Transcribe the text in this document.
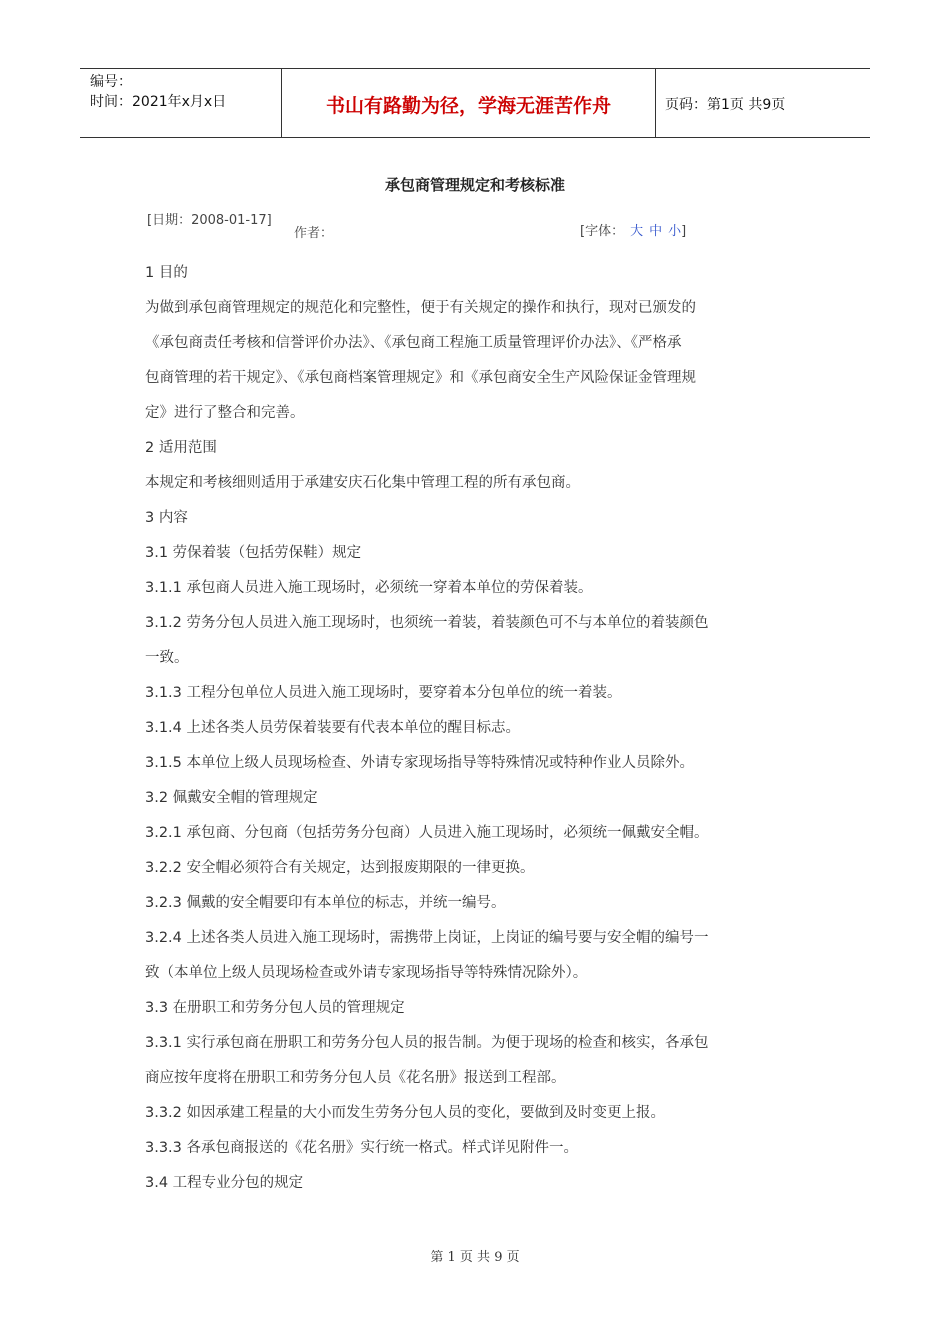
编号：
时间：2021年x月x日	书山有路勤为径，学海无涯苦作舟	页码：第1页 共9页
承包商管理规定和考核标准
[日期：2008-01-17]
作者：	[字体： 大 中 小]

1 目的

为做到承包商管理规定的规范化和完整性，便于有关规定的操作和执行，现对已颁发的

《承包商责任考核和信誉评价办法》、《承包商工程施工质量管理评价办法》、《严格承

包商管理的若干规定》、《承包商档案管理规定》和《承包商安全生产风险保证金管理规

定》进行了整合和完善。

2 适用范围

本规定和考核细则适用于承建安庆石化集中管理工程的所有承包商。

3 内容

3.1 劳保着装（包括劳保鞋）规定

3.1.1 承包商人员进入施工现场时，必须统一穿着本单位的劳保着装。

3.1.2 劳务分包人员进入施工现场时，也须统一着装，着装颜色可不与本单位的着装颜色

一致。

3.1.3 工程分包单位人员进入施工现场时，要穿着本分包单位的统一着装。

3.1.4 上述各类人员劳保着装要有代表本单位的醒目标志。

3.1.5 本单位上级人员现场检查、外请专家现场指导等特殊情况或特种作业人员除外。

3.2 佩戴安全帽的管理规定

3.2.1 承包商、分包商（包括劳务分包商）人员进入施工现场时，必须统一佩戴安全帽。

3.2.2 安全帽必须符合有关规定，达到报废期限的一律更换。

3.2.3 佩戴的安全帽要印有本单位的标志，并统一编号。

3.2.4 上述各类人员进入施工现场时，需携带上岗证，上岗证的编号要与安全帽的编号一

致（本单位上级人员现场检查或外请专家现场指导等特殊情况除外）。

3.3 在册职工和劳务分包人员的管理规定

3.3.1 实行承包商在册职工和劳务分包人员的报告制。为便于现场的检查和核实，各承包

商应按年度将在册职工和劳务分包人员《花名册》报送到工程部。

3.3.2 如因承建工程量的大小而发生劳务分包人员的变化，要做到及时变更上报。

3.3.3 各承包商报送的《花名册》实行统一格式。样式详见附件一。

3.4 工程专业分包的规定

第 1 页 共 9 页
